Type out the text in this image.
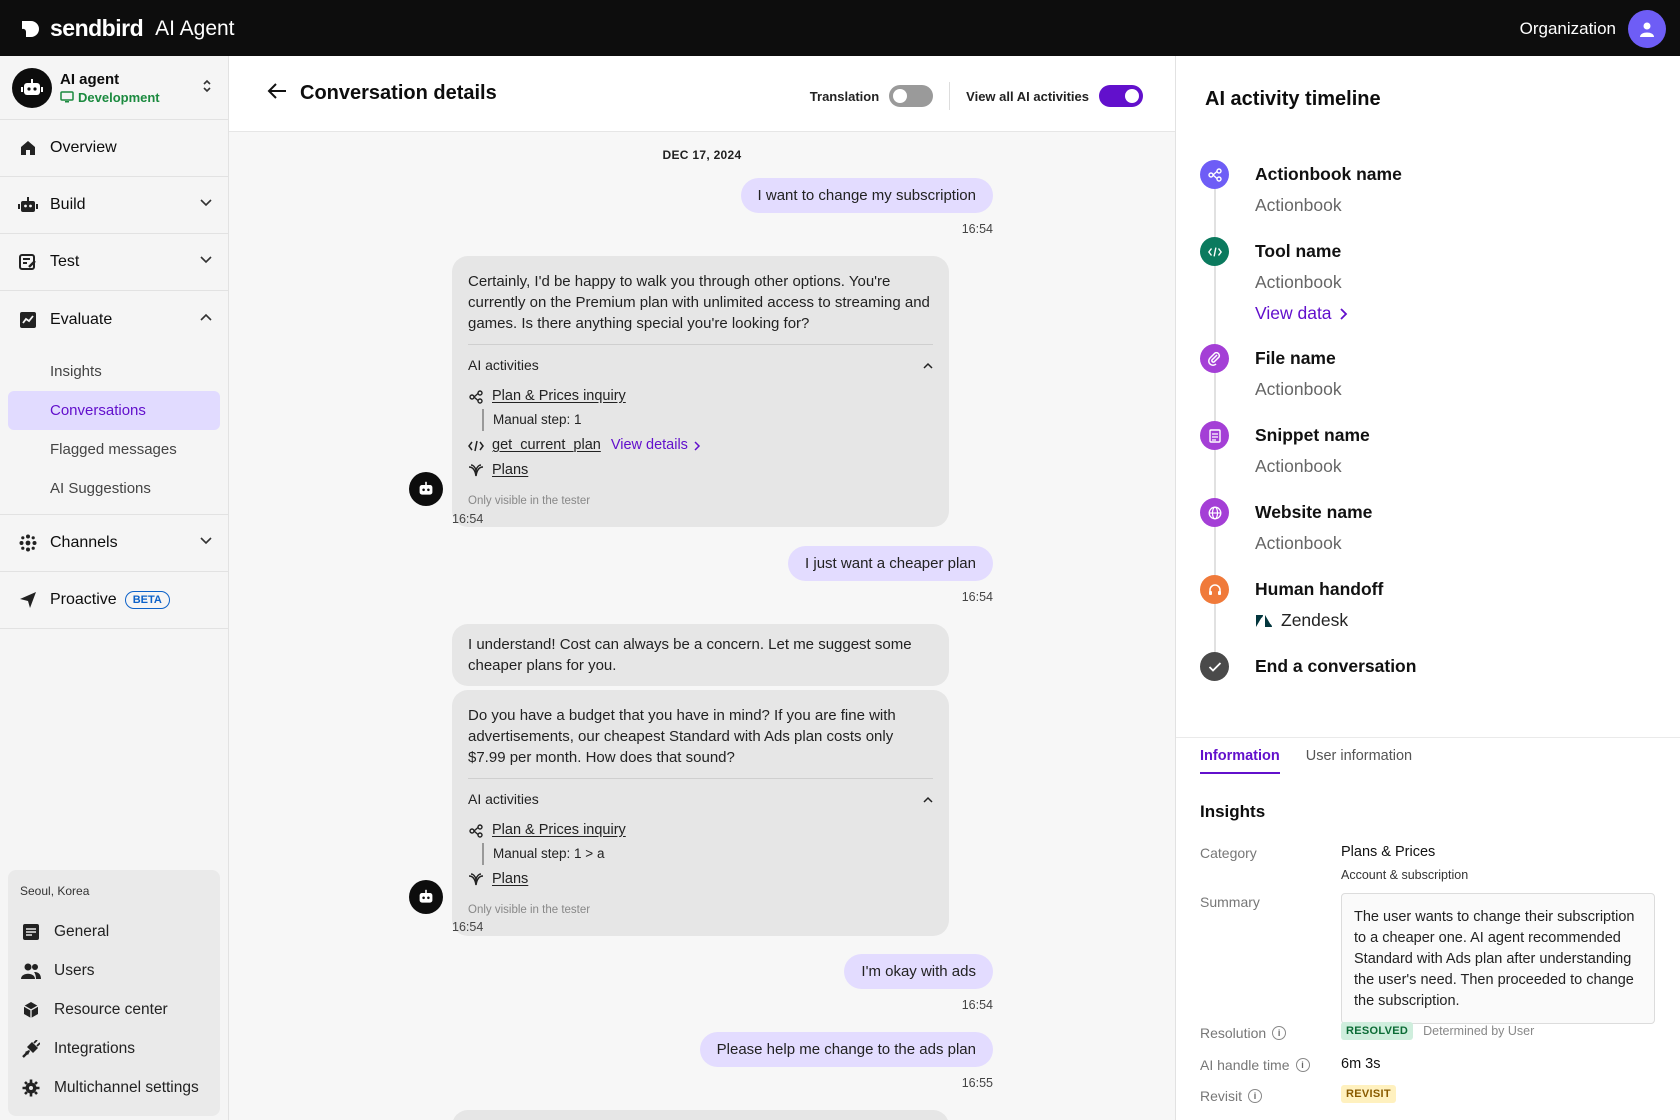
sendbird AI Agent	Organization
AI agent
Development
Overview
Build
Test
Evaluate
Insights
Conversations
Flagged messages
AI Suggestions
Channels
Proactive	BETA
Seoul, Korea
General
Users
Resource center
Integrations
Multichannel settings
Conversation details	Translation	View all AI activities
DEC 17, 2024
I want to change my subscription
16:54
Certainly, I'd be happy to walk you through other options. You're currently on the Premium plan with unlimited access to streaming and games. Is there anything special you're looking for?
AI activities
Plan & Prices inquiry
Manual step: 1
get_current_plan View details
Plans
Only visible in the tester
16:54
I just want a cheaper plan
16:54
I understand! Cost can always be a concern. Let me suggest some cheaper plans for you.
Do you have a budget that you have in mind? If you are fine with advertisements, our cheapest Standard with Ads plan costs only $7.99 per month. How does that sound?
AI activities
Plan & Prices inquiry
Manual step: 1 > a
Plans
Only visible in the tester
16:54
I'm okay with ads
16:54
Please help me change to the ads plan
16:55
AI activity timeline
Actionbook name
Actionbook
Tool name
Actionbook
View data
File name
Actionbook
Snippet name
Actionbook
Website name
Actionbook
Human handoff
Zendesk
End a conversation
Information User information
Insights
Category	Plans & Prices
Account & subscription
Summary
The user wants to change their subscription to a cheaper one. AI agent recommended Standard with Ads plan after understanding the user's need. Then proceeded to change the subscription.
Resolution	i	RESOLVED	Determined by User
AI handle time	i	6m 3s
Revisit	i	REVISIT
